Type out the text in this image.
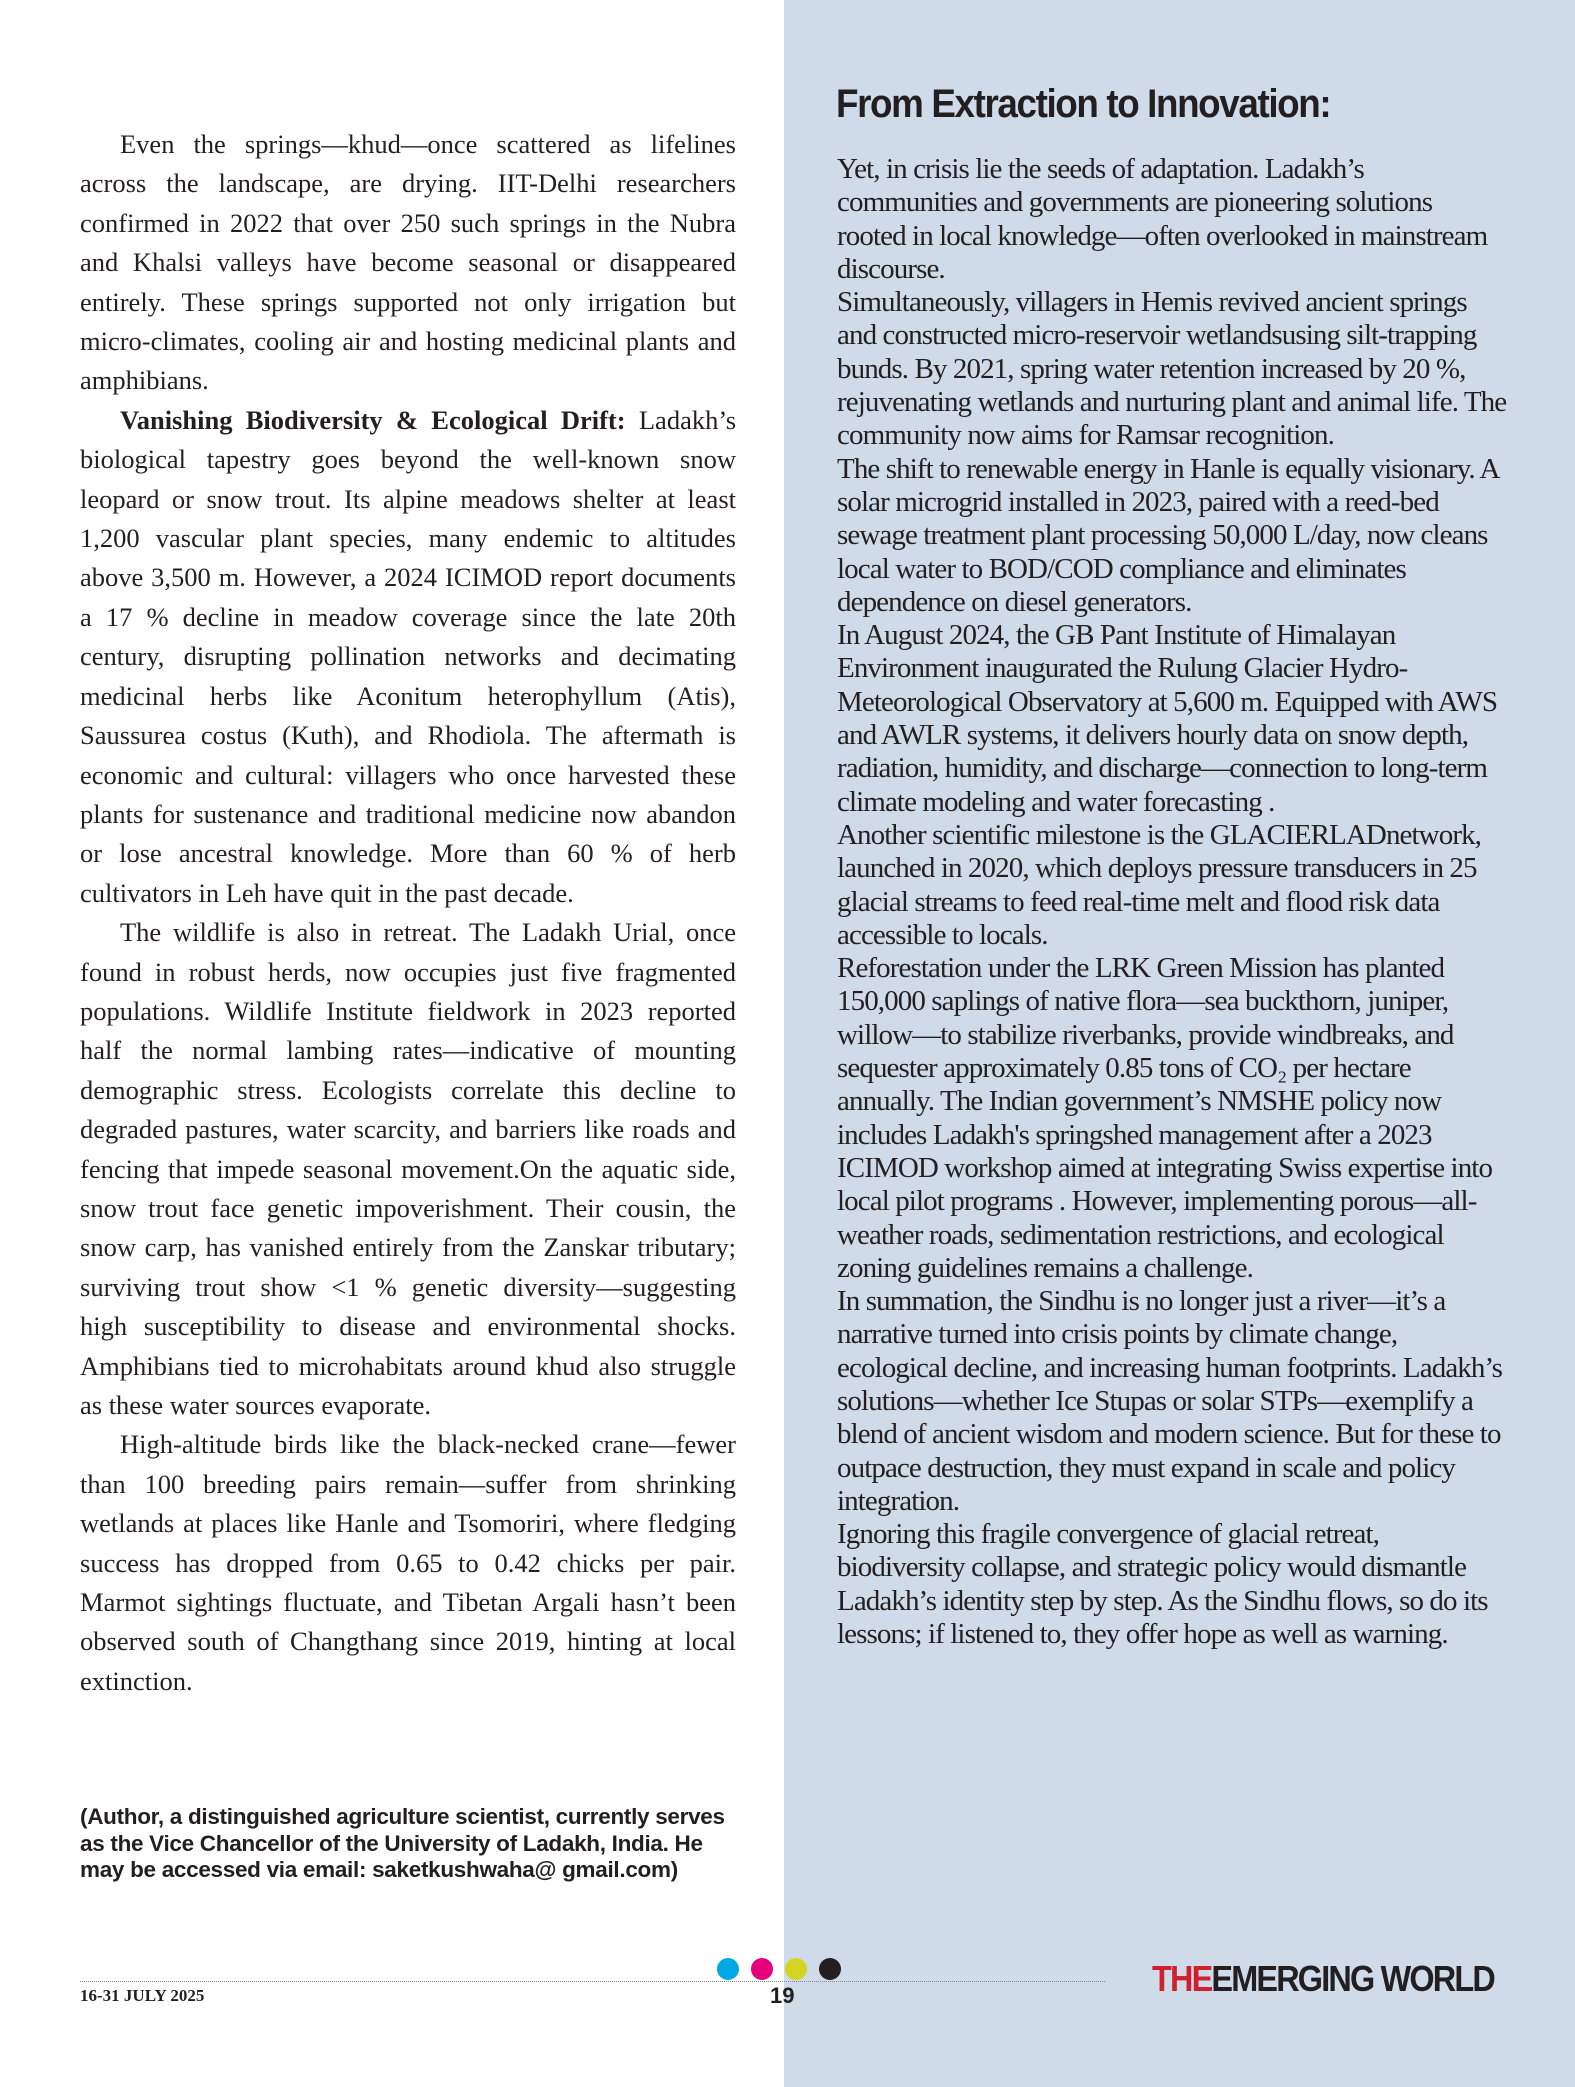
Even the springs—khud—once scattered as lifelines across the landscape, are drying. IIT-Delhi researchers confirmed in 2022 that over 250 such springs in the Nubra and Khalsi valleys have become seasonal or disappeared entirely. These springs supported not only irrigation but micro-climates, cooling air and hosting medicinal plants and amphibians.

Vanishing Biodiversity & Ecological Drift: Ladakh’s biological tapestry goes beyond the well-known snow leopard or snow trout. Its alpine meadows shelter at least 1,200 vascular plant species, many endemic to altitudes above 3,500 m. However, a 2024 ICIMOD report documents a 17 % decline in meadow coverage since the late 20th century, disrupting pollination networks and decimating medicinal herbs like Aconitum heterophyllum (Atis), Saussurea costus (Kuth), and Rhodiola. The aftermath is economic and cultural: villagers who once harvested these plants for sustenance and traditional medicine now abandon or lose ancestral knowledge. More than 60 % of herb cultivators in Leh have quit in the past decade.

The wildlife is also in retreat. The Ladakh Urial, once found in robust herds, now occupies just five fragmented populations. Wildlife Institute fieldwork in 2023 reported half the normal lambing rates—indicative of mounting demographic stress. Ecologists correlate this decline to degraded pastures, water scarcity, and barriers like roads and fencing that impede seasonal movement.On the aquatic side, snow trout face genetic impoverishment. Their cousin, the snow carp, has vanished entirely from the Zanskar tributary; surviving trout show <1 % genetic diversity—suggesting high susceptibility to disease and environmental shocks. Amphibians tied to microhabitats around khud also struggle as these water sources evaporate.

High-altitude birds like the black-necked crane—fewer than 100 breeding pairs remain—suffer from shrinking wetlands at places like Hanle and Tsomoriri, where fledging success has dropped from 0.65 to 0.42 chicks per pair. Marmot sightings fluctuate, and Tibetan Argali hasn’t been observed south of Changthang since 2019, hinting at local extinction.

(Author, a distinguished agriculture scientist, currently serves as the Vice Chancellor of the University of Ladakh, India. He may be accessed via email: saketkushwaha@ gmail.com)
From Extraction to Innovation:

Yet, in crisis lie the seeds of adaptation. Ladakh’s communities and governments are pioneering solutions rooted in local knowledge—often overlooked in mainstream discourse.

Simultaneously, villagers in Hemis revived ancient springs and constructed micro-reservoir wetlandsusing silt-trapping bunds. By 2021, spring water retention increased by 20 %, rejuvenating wetlands and nurturing plant and animal life. The community now aims for Ramsar recognition.

The shift to renewable energy in Hanle is equally visionary. A solar microgrid installed in 2023, paired with a reed-bed sewage treatment plant processing 50,000 L/day, now cleans local water to BOD/COD compliance and eliminates dependence on diesel generators.

In August 2024, the GB Pant Institute of Himalayan Environment inaugurated the Rulung Glacier Hydro-Meteorological Observatory at 5,600 m. Equipped with AWS and AWLR systems, it delivers hourly data on snow depth, radiation, humidity, and discharge—connection to long-term climate modeling and water forecasting .

Another scientific milestone is the GLACIERLADnetwork, launched in 2020, which deploys pressure transducers in 25 glacial streams to feed real-time melt and flood risk data accessible to locals.

Reforestation under the LRK Green Mission has planted 150,000 saplings of native flora—sea buckthorn, juniper, willow—to stabilize riverbanks, provide windbreaks, and sequester approximately 0.85 tons of CO₂ per hectare annually. The Indian government’s NMSHE policy now includes Ladakh's springshed management after a 2023 ICIMOD workshop aimed at integrating Swiss expertise into local pilot programs . However, implementing porous—all-weather roads, sedimentation restrictions, and ecological zoning guidelines remains a challenge.

In summation, the Sindhu is no longer just a river—it’s a narrative turned into crisis points by climate change, ecological decline, and increasing human footprints. Ladakh’s solutions—whether Ice Stupas or solar STPs—exemplify a blend of ancient wisdom and modern science. But for these to outpace destruction, they must expand in scale and policy integration.

Ignoring this fragile convergence of glacial retreat, biodiversity collapse, and strategic policy would dismantle Ladakh’s identity step by step. As the Sindhu flows, so do its lessons; if listened to, they offer hope as well as warning.

16-31 JULY 2025	19	THEEMERGING WORLD
